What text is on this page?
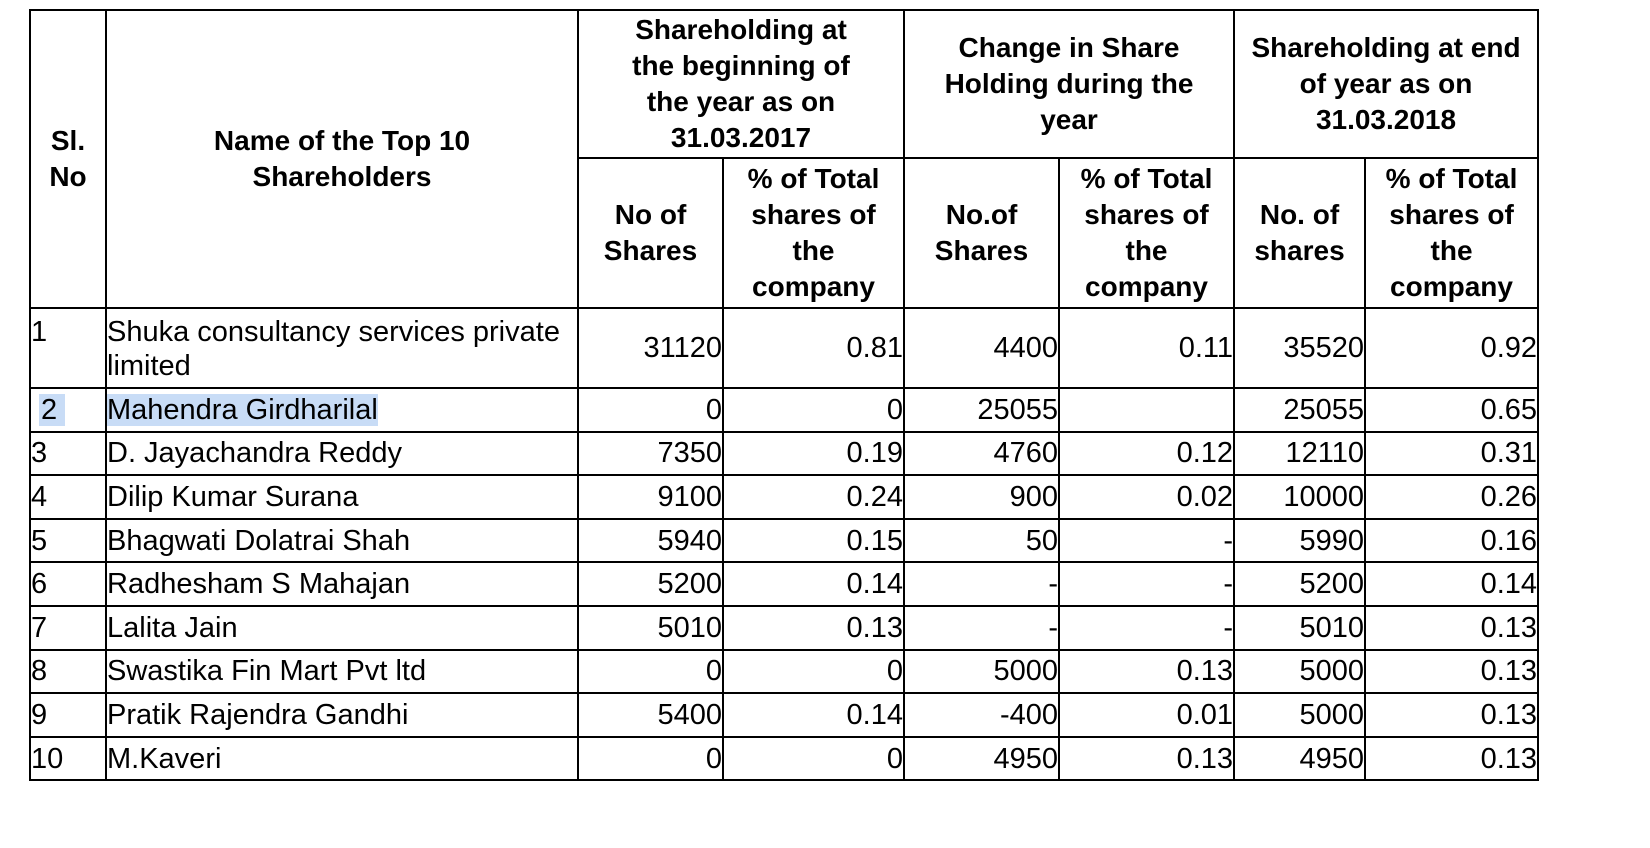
Sl.
No	Name of the Top 10 Shareholders	Shareholding at the beginning of the year as on 31.03.2017		Change in Share Holding during the year		Shareholding at end of year as on 31.03.2018	
		No of Shares	% of Total shares of the company	No.of Shares	% of Total shares of the company	No. of shares	% of Total shares of the company
1	Shuka consultancy services private limited	31120	0.81	4400	0.11	35520	0.92
2	Mahendra Girdharilal	0	0	25055		25055	0.65
3	D. Jayachandra Reddy	7350	0.19	4760	0.12	12110	0.31
4	Dilip Kumar Surana	9100	0.24	900	0.02	10000	0.26
5	Bhagwati Dolatrai Shah	5940	0.15	50	-	5990	0.16
6	Radhesham S Mahajan	5200	0.14	-	-	5200	0.14
7	Lalita Jain	5010	0.13	-	-	5010	0.13
8	Swastika Fin Mart Pvt ltd	0	0	5000	0.13	5000	0.13
9	Pratik Rajendra Gandhi	5400	0.14	-400	0.01	5000	0.13
10	M.Kaveri	0	0	4950	0.13	4950	0.13
